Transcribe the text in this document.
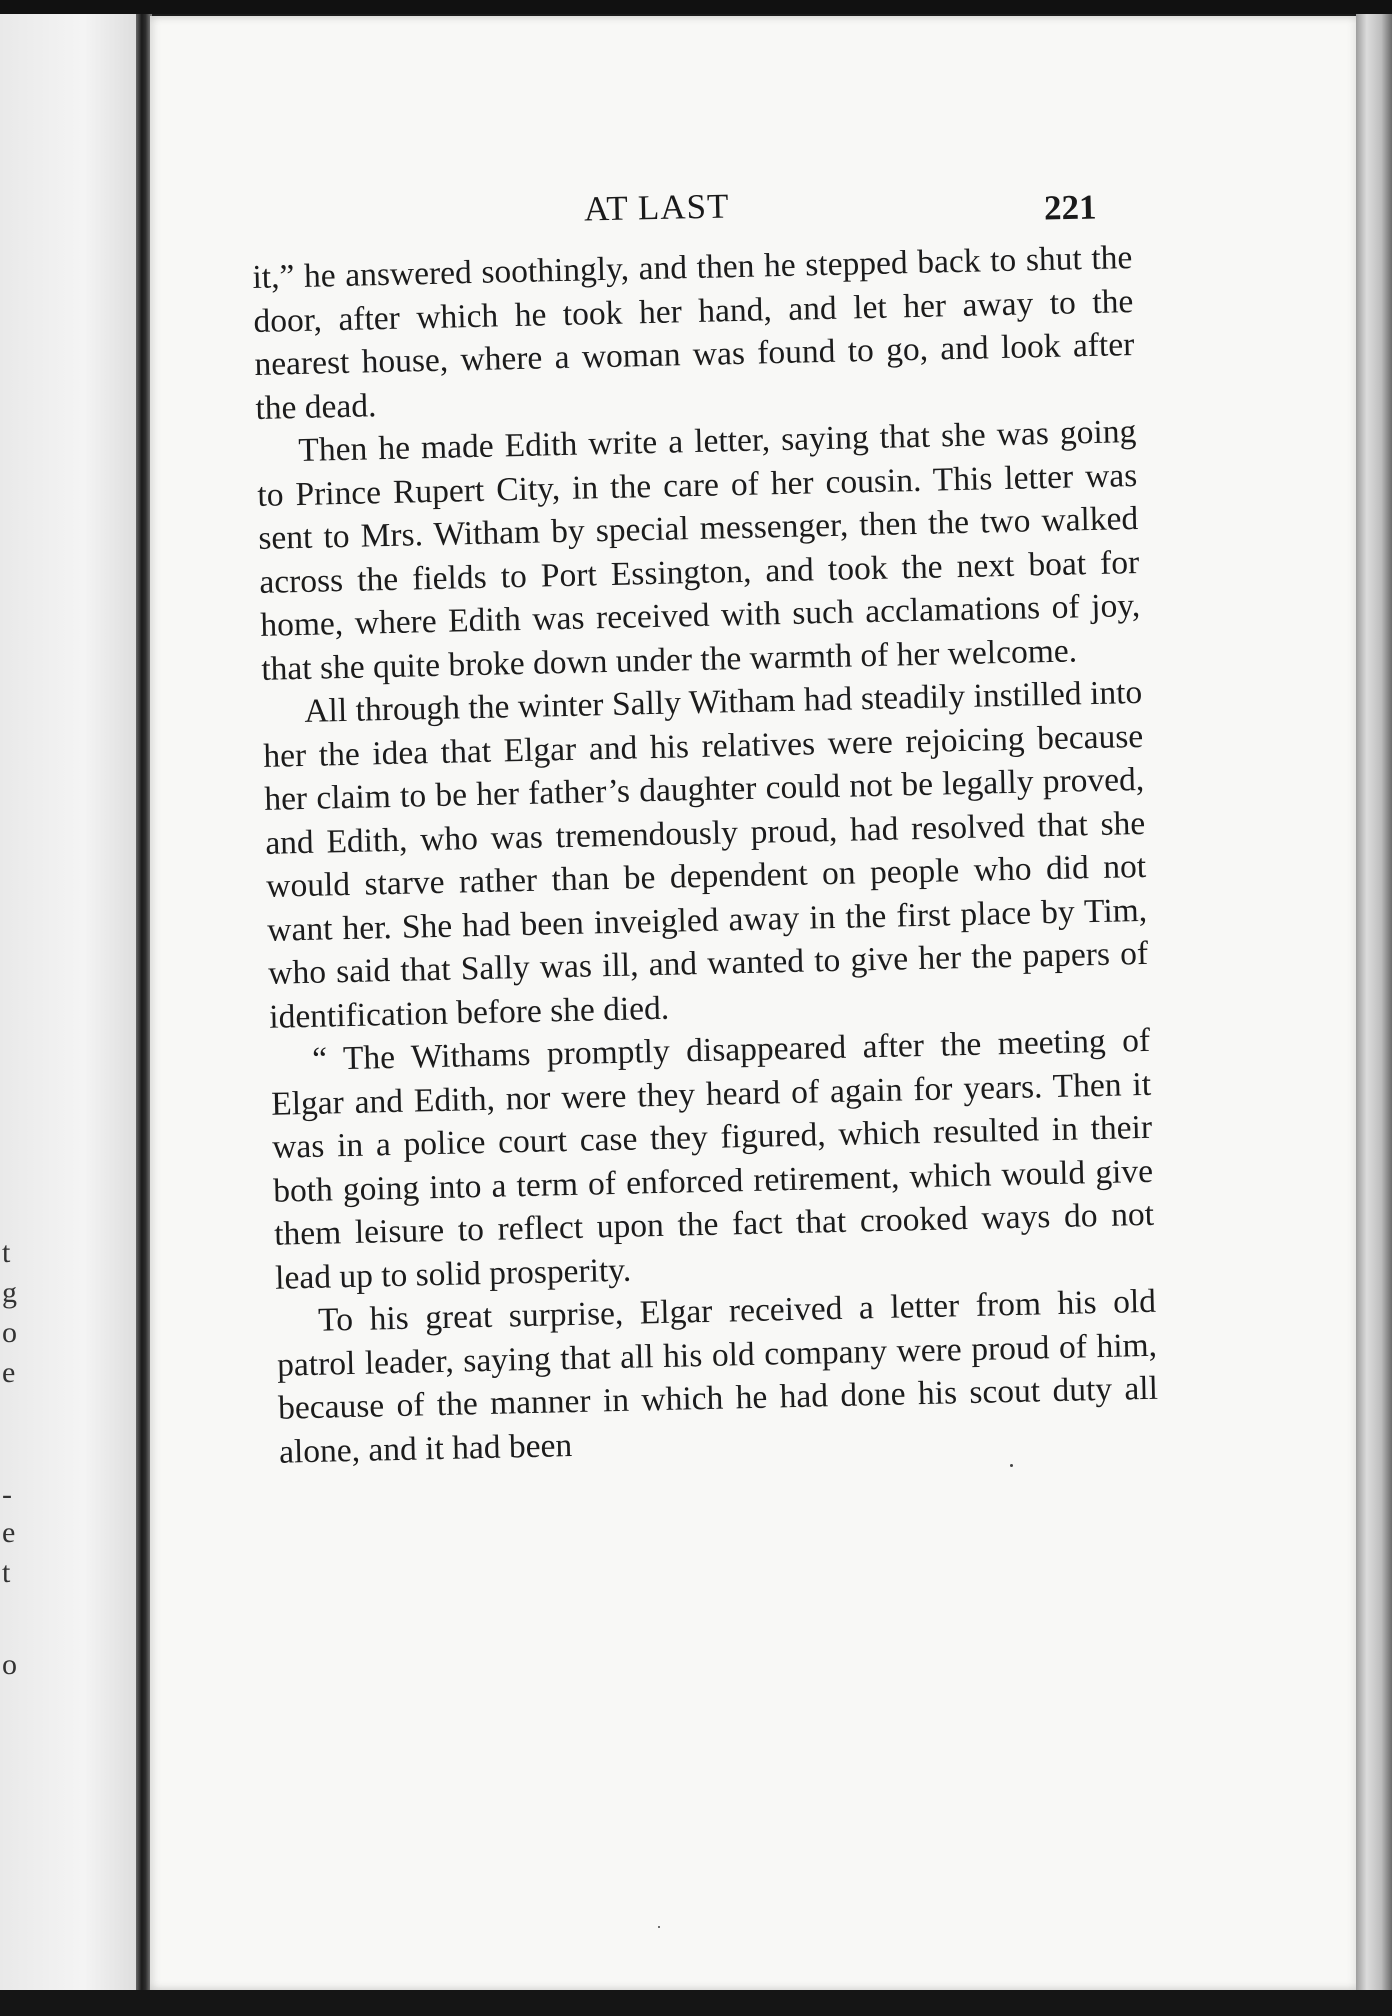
t
g
o
e
-
e
t
o
AT LAST	221

it,” he answered soothingly, and then he stepped back to shut the door, after which he took her hand, and let her away to the nearest house, where a woman was found to go, and look after the dead.

Then he made Edith write a letter, saying that she was going to Prince Rupert City, in the care of her cousin. This letter was sent to Mrs. Witham by special messenger, then the two walked across the fields to Port Essington, and took the next boat for home, where Edith was received with such acclamations of joy, that she quite broke down under the warmth of her welcome.

All through the winter Sally Witham had steadily instilled into her the idea that Elgar and his relatives were rejoicing because her claim to be her father’s daughter could not be legally proved, and Edith, who was tremendously proud, had resolved that she would starve rather than be dependent on people who did not want her. She had been inveigled away in the first place by Tim, who said that Sally was ill, and wanted to give her the papers of identification before she died.

“ The Withams promptly disappeared after the meeting of Elgar and Edith, nor were they heard of again for years. Then it was in a police court case they figured, which resulted in their both going into a term of enforced retirement, which would give them leisure to reflect upon the fact that crooked ways do not lead up to solid prosperity.

To his great surprise, Elgar received a letter from his old patrol leader, saying that all his old company were proud of him, because of the manner in which he had done his scout duty all alone, and it had been
